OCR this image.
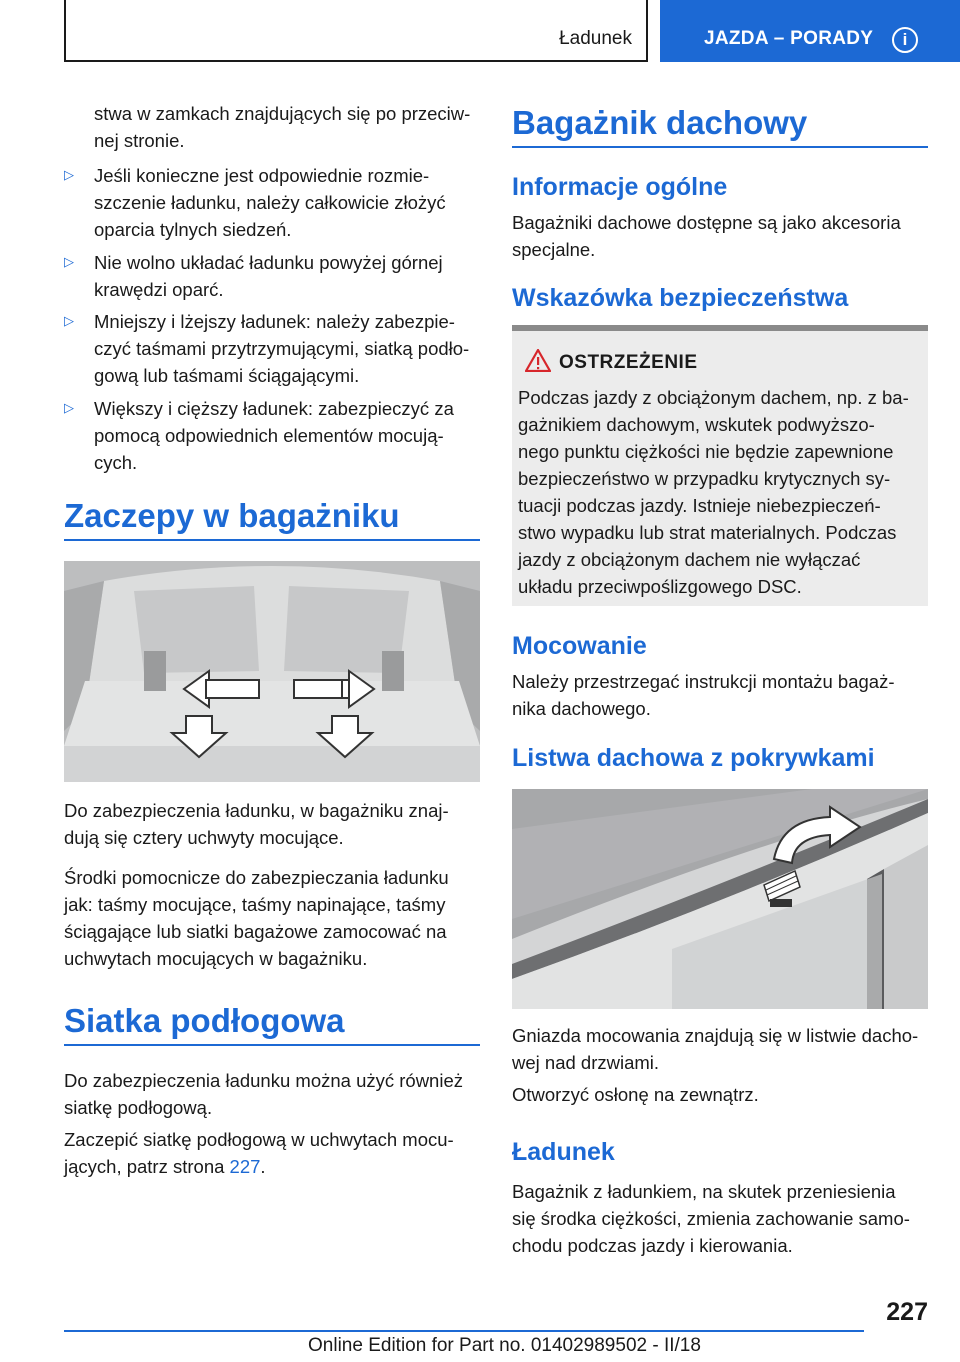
Ładunek	JAZDA – PORADY	i

stwa w zamkach znajdujących się po przeciw-

nej stronie.

▷ Jeśli konieczne jest odpowiednie rozmie-

szczenie ładunku, należy całkowicie złożyć

oparcia tylnych siedzeń.

▷ Nie wolno układać ładunku powyżej górnej

krawędzi oparć.

▷ Mniejszy i lżejszy ładunek: należy zabezpie-

czyć taśmami przytrzymującymi, siatką podło-

gową lub taśmami ściągającymi.

▷ Większy i cięższy ładunek: zabezpieczyć za

pomocą odpowiednich elementów mocują-

cych.

Zaczepy w bagażniku

Do zabezpieczenia ładunku, w bagażniku znaj-

dują się cztery uchwyty mocujące.

Środki pomocnicze do zabezpieczania ładunku

jak: taśmy mocujące, taśmy napinające, taśmy

ściągające lub siatki bagażowe zamocować na

uchwytach mocujących w bagażniku.

Siatka podłogowa

Do zabezpieczenia ładunku można użyć również

siatkę podłogową.

Zaczepić siatkę podłogową w uchwytach mocu-

jących, patrz strona 227.

Bagażnik dachowy
Informacje ogólne

Bagażniki dachowe dostępne są jako akcesoria

specjalne.

Wskazówka bezpieczeństwa
OSTRZEŻENIE

Podczas jazdy z obciążonym dachem, np. z ba-

gażnikiem dachowym, wskutek podwyższo-

nego punktu ciężkości nie będzie zapewnione

bezpieczeństwo w przypadku krytycznych sy-

tuacji podczas jazdy. Istnieje niebezpieczeń-

stwo wypadku lub strat materialnych. Podczas

jazdy z obciążonym dachem nie wyłączać

układu przeciwpoślizgowego DSC.

Mocowanie

Należy przestrzegać instrukcji montażu bagaż-

nika dachowego.

Listwa dachowa z pokrywkami

Gniazda mocowania znajdują się w listwie dacho-

wej nad drzwiami.

Otworzyć osłonę na zewnątrz.

Ładunek

Bagażnik z ładunkiem, na skutek przeniesienia

się środka ciężkości, zmienia zachowanie samo-

chodu podczas jazdy i kierowania.

227
Online Edition for Part no. 01402989502 - II/18
